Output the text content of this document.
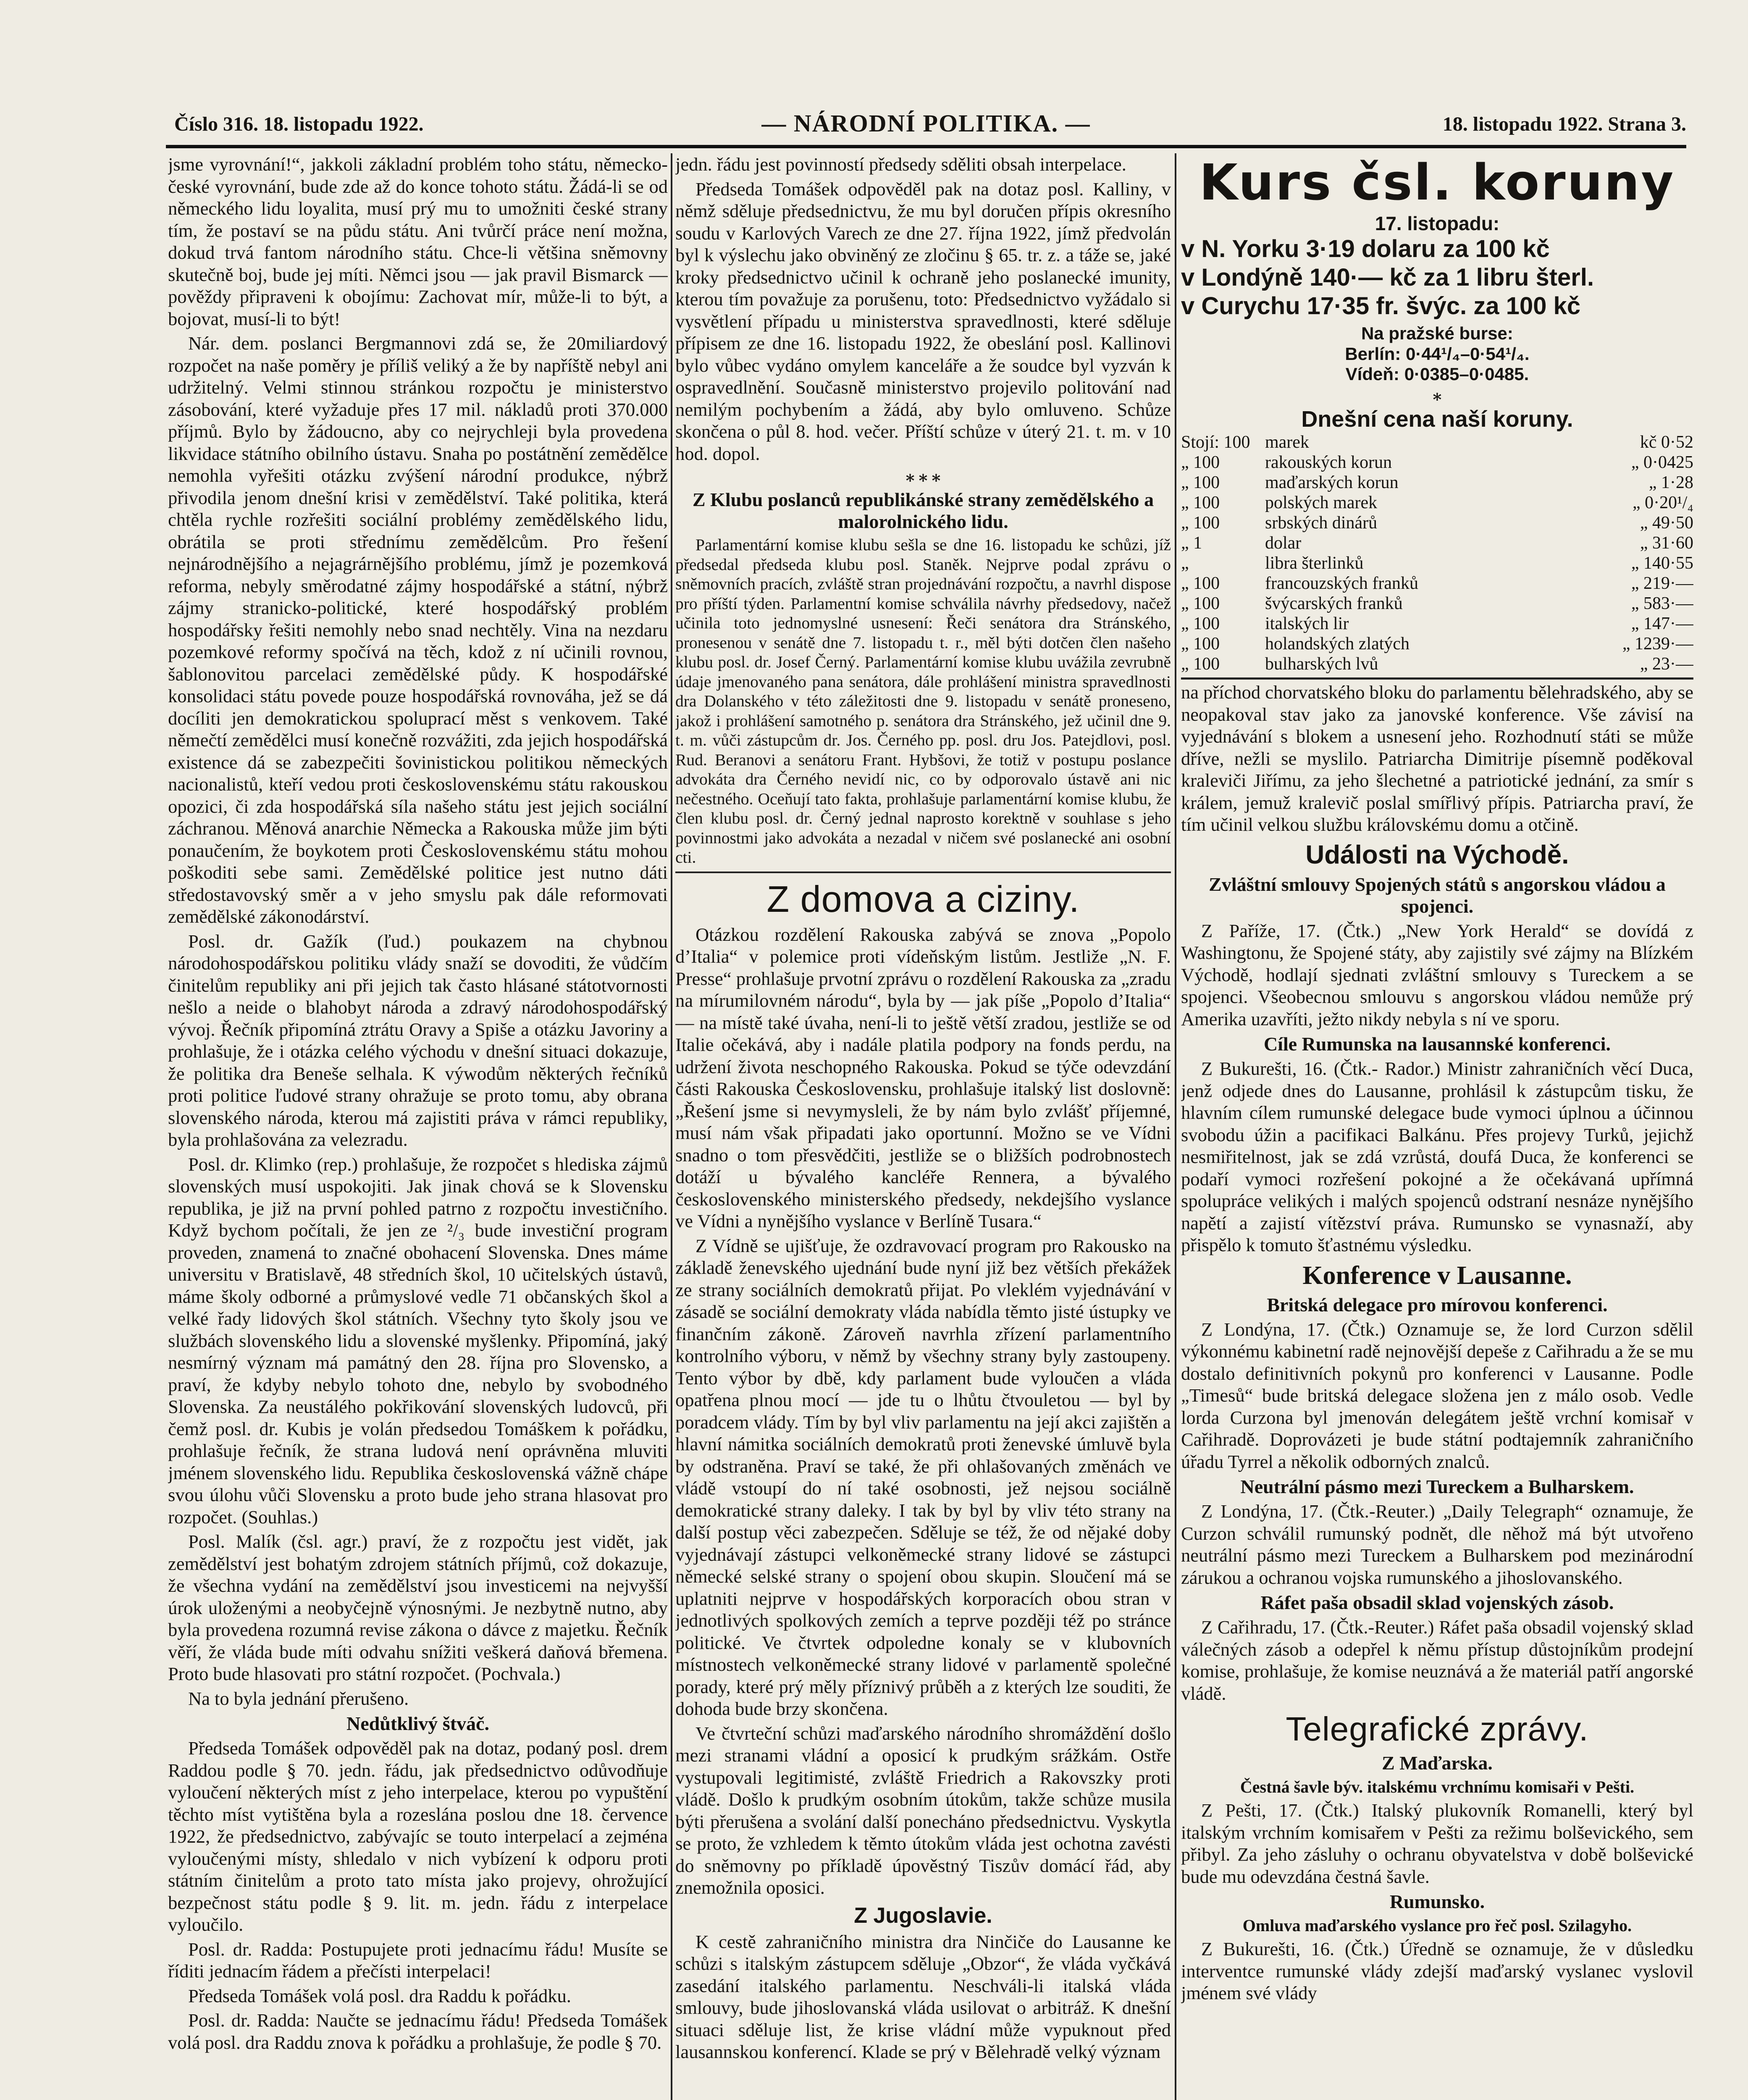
Číslo 316. 18. listopadu 1922.	— NÁRODNÍ POLITIKA. —	18. listopadu 1922. Strana 3.

jsme vyrovnání!“, jakkoli základní problém toho státu, německo-české vyrovnání, bude zde až do konce tohoto státu. Žádá-li se od německého lidu loyalita, musí prý mu to umožniti české strany tím, že postaví se na půdu státu. Ani tvůrčí práce není možna, dokud trvá fantom národního státu. Chce-li většina sněmovny skutečně boj, bude jej míti. Němci jsou — jak pravil Bismarck — pověždy připraveni k obojímu: Zachovat mír, může-li to být, a bojovat, musí-li to být!

Nár. dem. poslanci Bergmannovi zdá se, že 20miliardový rozpočet na naše poměry je příliš veliký a že by napříště nebyl ani udržitelný. Velmi stinnou stránkou rozpočtu je ministerstvo zásobování, které vyžaduje přes 17 mil. nákladů proti 370.000 příjmů. Bylo by žádoucno, aby co nejrychleji byla provedena likvidace státního obilního ústavu. Snaha po postátnění zemědělce nemohla vyřešiti otázku zvýšení národní produkce, nýbrž přivodila jenom dnešní krisi v zemědělství. Také politika, která chtěla rychle rozřešiti sociální problémy zemědělského lidu, obrátila se proti střednímu zemědělcům. Pro řešení nejnárodnějšího a nejagrárnějšího problému, jímž je pozemková reforma, nebyly směrodatné zájmy hospodářské a státní, nýbrž zájmy stranicko-politické, které hospodářský problém hospodářsky řešiti nemohly nebo snad nechtěly. Vina na nezdaru pozemkové reformy spočívá na těch, kdož z ní učinili rovnou, šablonovitou parcelaci zemědělské půdy. K hospodářské konsolidaci státu povede pouze hospodářská rovnováha, jež se dá docíliti jen demokratickou spoluprací měst s venkovem. Také němečtí zemědělci musí konečně rozvážiti, zda jejich hospodářská existence dá se zabezpečiti šovinistickou politikou německých nacionalistů, kteří vedou proti československému státu rakouskou opozici, či zda hospodářská síla našeho státu jest jejich sociální záchranou. Měnová anarchie Německa a Rakouska může jim býti ponaučením, že boykotem proti Československému státu mohou poškoditi sebe sami. Zemědělské politice jest nutno dáti středostavovský směr a v jeho smyslu pak dále reformovati zemědělské zákonodárství.

Posl. dr. Gažík (ľud.) poukazem na chybnou národohospodářskou politiku vlády snaží se dovoditi, že vůdčím činitelům republiky ani při jejich tak často hlásané státotvornosti nešlo a neide o blahobyt národa a zdravý národohospodářský vývoj. Řečník připomíná ztrátu Oravy a Spiše a otázku Javoriny a prohlašuje, že i otázka celého východu v dnešní situaci dokazuje, že politika dra Beneše selhala. K výwodům některých řečníků proti politice ľudové strany ohražuje se proto tomu, aby obrana slovenského národa, kterou má zajistiti práva v rámci republiky, byla prohlašována za velezradu.

Posl. dr. Klimko (rep.) prohlašuje, že rozpočet s hlediska zájmů slovenských musí uspokojiti. Jak jinak chová se k Slovensku republika, je již na první pohled patrno z rozpočtu investičního. Když bychom počítali, že jen ze ²/₃ bude investiční program proveden, znamená to značné obohacení Slovenska. Dnes máme universitu v Bratislavě, 48 středních škol, 10 učitelských ústavů, máme školy odborné a průmyslové vedle 71 občanských škol a velké řady lidových škol státních. Všechny tyto školy jsou ve službách slovenského lidu a slovenské myšlenky. Připomíná, jaký nesmírný význam má památný den 28. října pro Slovensko, a praví, že kdyby nebylo tohoto dne, nebylo by svobodného Slovenska. Za neustálého pokřikování slovenských ludovců, při čemž posl. dr. Kubis je volán předsedou Tomáškem k pořádku, prohlašuje řečník, že strana ludová není oprávněna mluviti jménem slovenského lidu. Republika československá vážně chápe svou úlohu vůči Slovensku a proto bude jeho strana hlasovat pro rozpočet. (Souhlas.)

Posl. Malík (čsl. agr.) praví, že z rozpočtu jest vidět, jak zemědělství jest bohatým zdrojem státních příjmů, což dokazuje, že všechna vydání na zemědělství jsou investicemi na nejvyšší úrok uloženými a neobyčejně výnosnými. Je nezbytně nutno, aby byla provedena rozumná revise zákona o dávce z majetku. Řečník věří, že vláda bude míti odvahu snížiti veškerá daňová břemena. Proto bude hlasovati pro státní rozpočet. (Pochvala.)

Na to byla jednání přerušeno.

Nedůtklivý štváč.

Předseda Tomášek odpověděl pak na dotaz, podaný posl. drem Raddou podle § 70. jedn. řádu, jak předsednictvo odůvodňuje vyloučení některých míst z jeho interpelace, kterou po vypuštění těchto míst vytištěna byla a rozeslána poslou dne 18. července 1922, že předsednictvo, zabývajíc se touto interpelací a zejména vyloučenými místy, shledalo v nich vybízení k odporu proti státním činitelům a proto tato místa jako projevy, ohrožující bezpečnost státu podle § 9. lit. m. jedn. řádu z interpelace vyloučilo.

Posl. dr. Radda: Postupujete proti jednacímu řádu! Musíte se říditi jednacím řádem a přečísti interpelaci!

Předseda Tomášek volá posl. dra Raddu k pořádku.

Posl. dr. Radda: Naučte se jednacímu řádu! Předseda Tomášek volá posl. dra Raddu znova k pořádku a prohlašuje, že podle § 70.

jedn. řádu jest povinností předsedy sděliti obsah interpelace.

Předseda Tomášek odpověděl pak na dotaz posl. Kalliny, v němž sděluje předsednictvu, že mu byl doručen přípis okresního soudu v Karlových Varech ze dne 27. října 1922, jímž předvolán byl k výslechu jako obviněný ze zločinu § 65. tr. z. a táže se, jaké kroky předsednictvo učinil k ochraně jeho poslanecké imunity, kterou tím považuje za porušenu, toto: Předsednictvo vyžádalo si vysvětlení případu u ministerstva spravedlnosti, které sděluje přípisem ze dne 16. listopadu 1922, že obeslání posl. Kallinovi bylo vůbec vydáno omylem kanceláře a že soudce byl vyzván k ospravedlnění. Současně ministerstvo projevilo politování nad nemilým pochybením a žádá, aby bylo omluveno. Schůze skončena o půl 8. hod. večer. Příští schůze v úterý 21. t. m. v 10 hod. dopol.

⁎ ⁎ ⁎
Z Klubu poslanců republikánské strany zemědělského a malorolnického lidu.

Parlamentární komise klubu sešla se dne 16. listopadu ke schůzi, jíž předsedal předseda klubu posl. Staněk. Nejprve podal zprávu o sněmovních pracích, zvláště stran projednávání rozpočtu, a navrhl dispose pro příští týden. Parlamentní komise schválila návrhy předsedovy, načež učinila toto jednomyslné usnesení: Řeči senátora dra Stránského, pronesenou v senátě dne 7. listopadu t. r., měl býti dotčen člen našeho klubu posl. dr. Josef Černý. Parlamentární komise klubu uvážila zevrubně údaje jmenovaného pana senátora, dále prohlášení ministra spravedlnosti dra Dolanského v této záležitosti dne 9. listopadu v senátě proneseno, jakož i prohlášení samotného p. senátora dra Stránského, jež učinil dne 9. t. m. vůči zástupcům dr. Jos. Černého pp. posl. dru Jos. Patejdlovi, posl. Rud. Beranovi a senátoru Frant. Hybšovi, že totiž v postupu poslance advokáta dra Černého nevidí nic, co by odporovalo ústavě ani nic nečestného. Oceňují tato fakta, prohlašuje parlamentární komise klubu, že člen klubu posl. dr. Černý jednal naprosto korektně v souhlase s jeho povinnostmi jako advokáta a nezadal v ničem své poslanecké ani osobní cti.

Z domova a ciziny.

Otázkou rozdělení Rakouska zabývá se znova „Popolo d’Italia“ v polemice proti vídeňským listům. Jestliže „N. F. Presse“ prohlašuje prvotní zprávu o rozdělení Rakouska za „zradu na mírumilovném národu“, byla by — jak píše „Popolo d’Italia“ — na místě také úvaha, není-li to ještě větší zradou, jestliže se od Italie očekává, aby i nadále platila podpory na fonds perdu, na udržení života neschopného Rakouska. Pokud se týče odevzdání části Rakouska Československu, prohlašuje italský list doslovně: „Řešení jsme si nevymysleli, že by nám bylo zvlášť příjemné, musí nám však připadati jako oportunní. Možno se ve Vídni snadno o tom přesvědčiti, jestliže se o bližších podrobnostech dotáží u bývalého kancléře Rennera, a bývalého československého ministerského předsedy, nekdejšího vyslance ve Vídni a nynějšího vyslance v Berlíně Tusara.“

Z Vídně se ujišťuje, že ozdravovací program pro Rakousko na základě ženevského ujednání bude nyní již bez větších překážek ze strany sociálních demokratů přijat. Po vleklém vyjednávání v zásadě se sociální demokraty vláda nabídla těmto jisté ústupky ve finančním zákoně. Zároveň navrhla zřízení parlamentního kontrolního výboru, v němž by všechny strany byly zastoupeny. Tento výbor by dbě, kdy parlament bude vyloučen a vláda opatřena plnou mocí — jde tu o lhůtu čtvouletou — byl by poradcem vlády. Tím by byl vliv parlamentu na její akci zajištěn a hlavní námitka sociálních demokratů proti ženevské úmluvě byla by odstraněna. Praví se také, že při ohlašovaných změnách ve vládě vstoupí do ní také osobnosti, jež nejsou sociálně demokratické strany daleky. I tak by byl by vliv této strany na další postup věci zabezpečen. Sděluje se též, že od nějaké doby vyjednávají zástupci velkoněmecké strany lidové se zástupci německé selské strany o spojení obou skupin. Sloučení má se uplatniti nejprve v hospodářských korporacích obou stran v jednotlivých spolkových zemích a teprve později též po stránce politické. Ve čtvrtek odpoledne konaly se v klubovních místnostech velkoněmecké strany lidové v parlamentě společné porady, které prý měly příznivý průběh a z kterých lze souditi, že dohoda bude brzy skončena.

Ve čtvrteční schůzi maďarského národního shromáždění došlo mezi stranami vládní a oposicí k prudkým srážkám. Ostře vystupovali legitimisté, zvláště Friedrich a Rakovszky proti vládě. Došlo k prudkým osobním útokům, takže schůze musila býti přerušena a svolání další ponecháno předsednictvu. Vyskytla se proto, že vzhledem k těmto útokům vláda jest ochotna zavésti do sněmovny po příkladě úpověstný Tiszův domácí řád, aby znemožnila oposici.

Z Jugoslavie.

K cestě zahraničního ministra dra Ninčiče do Lausanne ke schůzi s italským zástupcem sděluje „Obzor“, že vláda vyčkává zasedání italského parlamentu. Neschváli-li italská vláda smlouvy, bude jihoslovanská vláda usilovat o arbitráž. K dnešní situaci sděluje list, že krise vládní může vypuknout před lausannskou konferencí. Klade se prý v Bělehradě velký význam

Kurs čsl. koruny
17. listopadu:
v N. Yorku 3·19 dolaru za 100 kč
v Londýně 140·— kč za 1 libru šterl.
v Curychu 17·35 fr. švýc. za 100 kč
Na pražské burse:
Berlín: 0·44¹/₄–0·54¹/₄.
Vídeň: 0·0385–0·0485.
⁎
Dnešní cena naší koruny.
Stojí: 100	marek	kč 0·52
„ 100	rakouských korun	„ 0·0425
„ 100	maďarských korun	„ 1·28
„ 100	polských marek	„ 0·20¹/₄
„ 100	srbských dinárů	„ 49·50
„ 1	dolar	„ 31·60
„	libra šterlinků	„ 140·55
„ 100	francouzských franků	„ 219·—
„ 100	švýcarských franků	„ 583·—
„ 100	italských lir	„ 147·—
„ 100	holandských zlatých	„ 1239·—
„ 100	bulharských lvů	„ 23·—

na příchod chorvatského bloku do parlamentu bělehradského, aby se neopakoval stav jako za janovské konference. Vše závisí na vyjednávání s blokem a usnesení jeho. Rozhodnutí státi se může dříve, nežli se myslilo. Patriarcha Dimitrije písemně poděkoval kraleviči Jiřímu, za jeho šlechetné a patriotické jednání, za smír s králem, jemuž kralevič poslal smířlivý přípis. Patriarcha praví, že tím učinil velkou službu královskému domu a otčině.

Události na Východě.
Zvláštní smlouvy Spojených států s angorskou vládou a spojenci.

Z Paříže, 17. (Čtk.) „New York Herald“ se dovídá z Washingtonu, že Spojené státy, aby zajistily své zájmy na Blízkém Východě, hodlají sjednati zvláštní smlouvy s Tureckem a se spojenci. Všeobecnou smlouvu s angorskou vládou nemůže prý Amerika uzavříti, ježto nikdy nebyla s ní ve sporu.

Cíle Rumunska na lausannské konferenci.

Z Bukurešti, 16. (Čtk.- Rador.) Ministr zahraničních věcí Duca, jenž odjede dnes do Lausanne, prohlásil k zástupcům tisku, že hlavním cílem rumunské delegace bude vymoci úplnou a účinnou svobodu úžin a pacifikaci Balkánu. Přes projevy Turků, jejichž nesmiřitelnost, jak se zdá vzrůstá, doufá Duca, že konferenci se podaří vymoci rozřešení pokojné a že očekávaná upřímná spolupráce velikých i malých spojenců odstraní nesnáze nynějšího napětí a zajistí vítězství práva. Rumunsko se vynasnaží, aby přispělo k tomuto šťastnému výsledku.

Konference v Lausanne.
Britská delegace pro mírovou konferenci.

Z Londýna, 17. (Čtk.) Oznamuje se, že lord Curzon sdělil výkonnému kabinetní radě nejnovější depeše z Cařihradu a že se mu dostalo definitivních pokynů pro konferenci v Lausanne. Podle „Timesů“ bude britská delegace složena jen z málo osob. Vedle lorda Curzona byl jmenován delegátem ještě vrchní komisař v Cařihradě. Doprovázeti je bude státní podtajemník zahraničního úřadu Tyrrel a několik odborných znalců.

Neutrální pásmo mezi Tureckem a Bulharskem.

Z Londýna, 17. (Čtk.-Reuter.) „Daily Telegraph“ oznamuje, že Curzon schválil rumunský podnět, dle něhož má být utvořeno neutrální pásmo mezi Tureckem a Bulharskem pod mezinárodní zárukou a ochranou vojska rumunského a jihoslovanského.

Ráfet paša obsadil sklad vojenských zásob.

Z Cařihradu, 17. (Čtk.-Reuter.) Ráfet paša obsadil vojenský sklad válečných zásob a odepřel k němu přístup důstojníkům prodejní komise, prohlašuje, že komise neuznává a že materiál patří angorské vládě.

Telegrafické zprávy.
Z Maďarska.
Čestná šavle býv. italskému vrchnímu komisaři v Pešti.

Z Pešti, 17. (Čtk.) Italský plukovník Romanelli, který byl italským vrchním komisařem v Pešti za režimu bolševického, sem přibyl. Za jeho zásluhy o ochranu obyvatelstva v době bolševické bude mu odevzdána čestná šavle.

Rumunsko.
Omluva maďarského vyslance pro řeč posl. Szilagyho.

Z Bukurešti, 16. (Čtk.) Úředně se oznamuje, že v důsledku interventce rumunské vlády zdejší maďarský vyslanec vyslovil jménem své vlády
